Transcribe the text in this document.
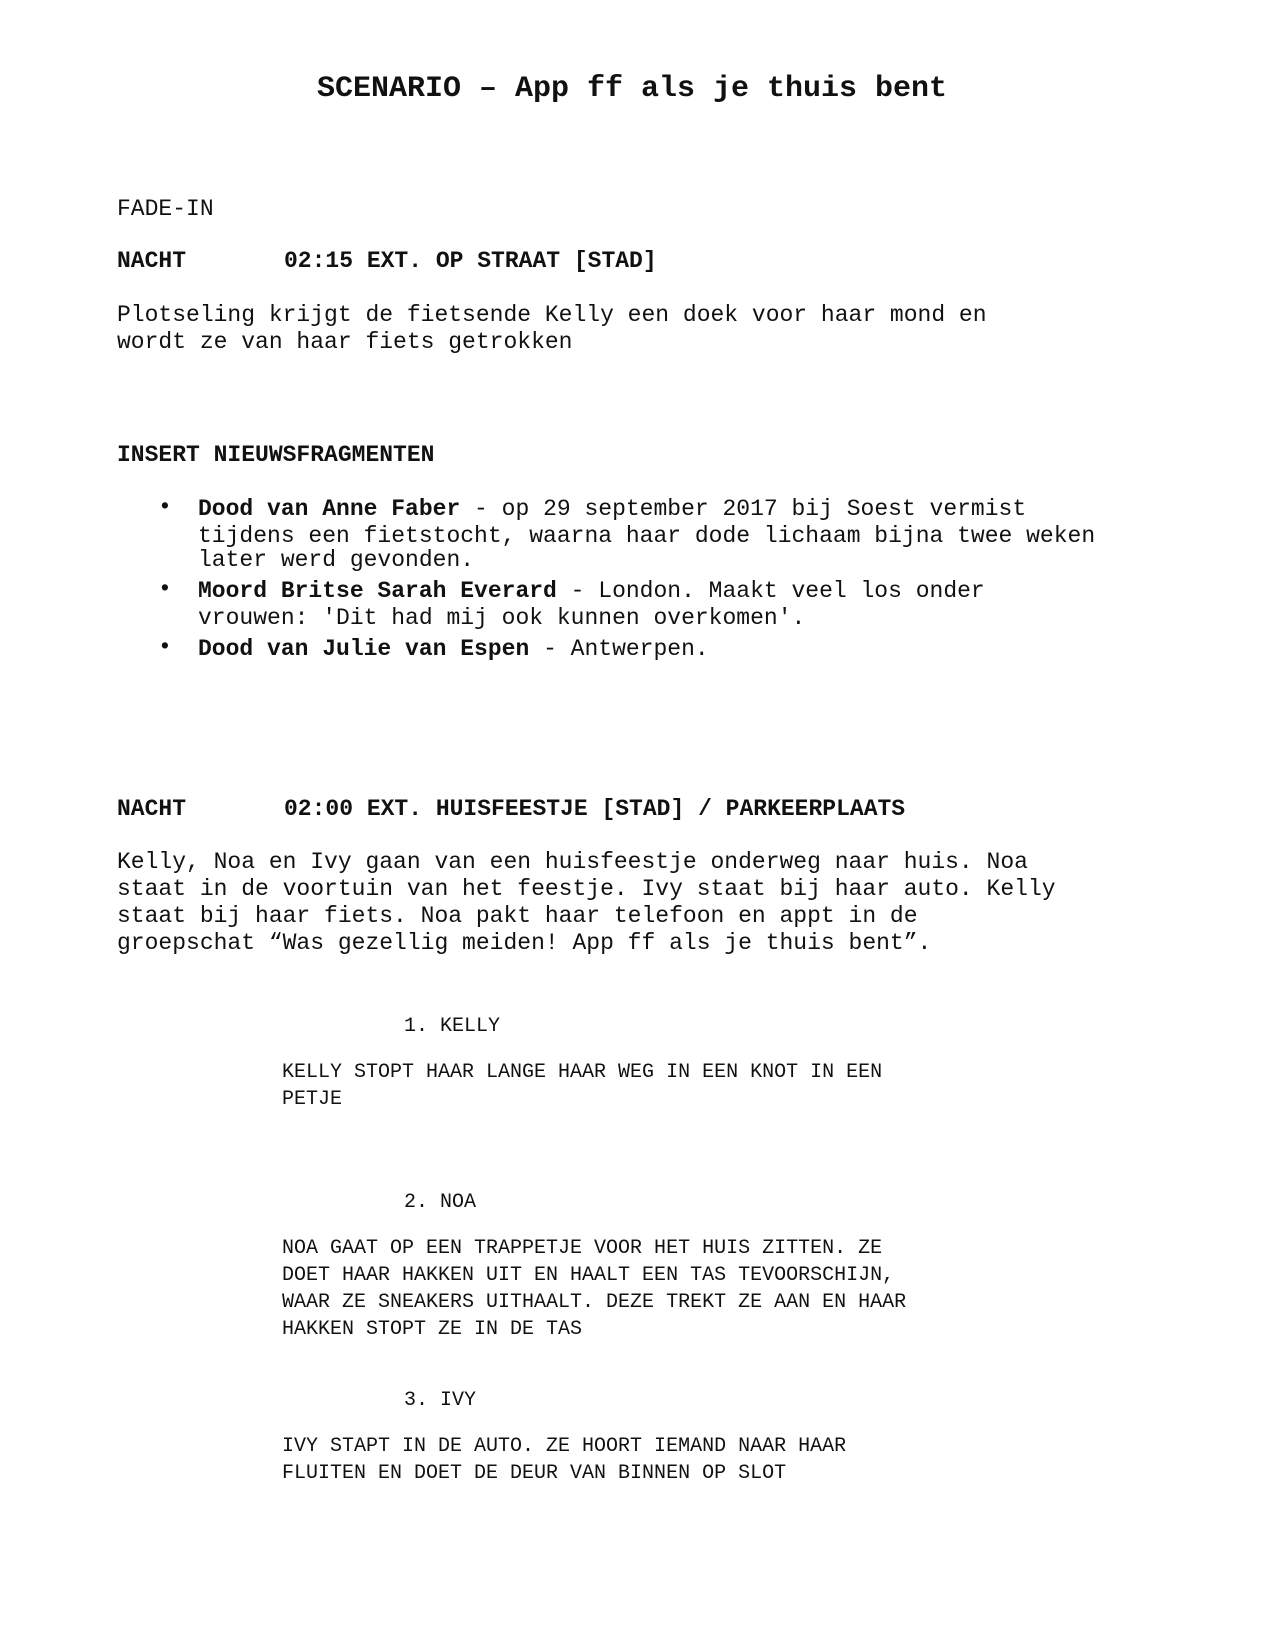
SCENARIO – App ff als je thuis bent

FADE-IN

NACHT	02:15 EXT. OP STRAAT [STAD]
Plotseling krijgt de fietsende Kelly een doek voor haar mond en
wordt ze van haar fiets getrokken

INSERT NIEUWSFRAGMENTEN

• Dood van Anne Faber - op 29 september 2017 bij Soest vermist
tijdens een fietstocht, waarna haar dode lichaam bijna twee weken
later werd gevonden.
• Moord Britse Sarah Everard - London. Maakt veel los onder
vrouwen: 'Dit had mij ook kunnen overkomen'.
• Dood van Julie van Espen - Antwerpen.
NACHT	02:00 EXT. HUISFEESTJE [STAD] / PARKEERPLAATS
Kelly, Noa en Ivy gaan van een huisfeestje onderweg naar huis. Noa
staat in de voortuin van het feestje. Ivy staat bij haar auto. Kelly
staat bij haar fiets. Noa pakt haar telefoon en appt in de
groepschat “Was gezellig meiden! App ff als je thuis bent”.

1. KELLY

KELLY STOPT HAAR LANGE HAAR WEG IN EEN KNOT IN EEN
PETJE

2. NOA

NOA GAAT OP EEN TRAPPETJE VOOR HET HUIS ZITTEN. ZE
DOET HAAR HAKKEN UIT EN HAALT EEN TAS TEVOORSCHIJN,
WAAR ZE SNEAKERS UITHAALT. DEZE TREKT ZE AAN EN HAAR
HAKKEN STOPT ZE IN DE TAS

3. IVY

IVY STAPT IN DE AUTO. ZE HOORT IEMAND NAAR HAAR
FLUITEN EN DOET DE DEUR VAN BINNEN OP SLOT
